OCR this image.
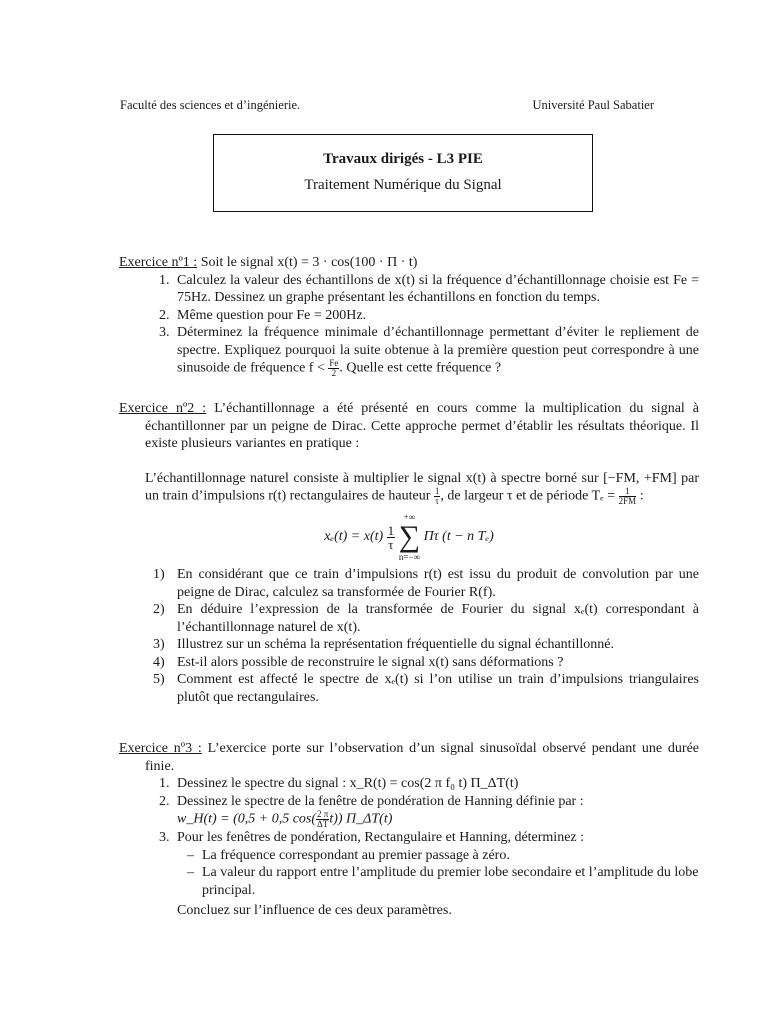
Faculté des sciences et d’ingénierie.	Université Paul Sabatier
Travaux dirigés - L3 PIE
Traitement Numérique du Signal
Exercice nº1 : Soit le signal x(t) = 3 · cos(100 · Π · t)
1. Calculez la valeur des échantillons de x(t) si la fréquence d’échantillonnage choisie est Fe = 75Hz. Dessinez un graphe présentant les échantillons en fonction du temps.
2. Même question pour Fe = 200Hz.
3. Déterminez la fréquence minimale d’échantillonnage permettant d’éviter le repliement de spectre. Expliquez pourquoi la suite obtenue à la première question peut correspondre à une sinusoide de fréquence $f < \frac{Fe}{2}$ . Quelle est cette fréquence ?
Exercice nº2 : L’échantillonnage a été présenté en cours comme la multiplication du signal à échantillonner par un peigne de Dirac. Cette approche permet d’établir les résultats théorique. Il existe plusieurs variantes en pratique :
L’échantillonnage naturel consiste à multiplier le signal x(t) à spectre borné sur [−FM, +FM] par un train d’impulsions r(t) rectangulaires de hauteur $\frac{1}{\tau}$ , de largeur τ et de période $T_e = \frac{1}{2FM}$ :
$x_e(t) = x(t) \frac{1}{\tau}$

+∞
∑
n=−∞
Πτ (t − n Tₑ)
1) En considérant que ce train d’impulsions r(t) est issu du produit de convolution par une peigne de Dirac, calculez sa transformée de Fourier R(f).
2) En déduire l’expression de la transformée de Fourier du signal xₑ(t) correspondant à l’échantillonnage naturel de x(t).
3) Illustrez sur un schéma la représentation fréquentielle du signal échantillonné.
4) Est-il alors possible de reconstruire le signal x(t) sans déformations ?
5) Comment est affecté le spectre de xₑ(t) si l’on utilise un train d’impulsions triangulaires plutôt que rectangulaires.
Exercice nº3 : L’exercice porte sur l’observation d’un signal sinusoïdal observé pendant une durée finie.
1. Dessinez le spectre du signal : x_R(t) = cos(2 π f₀ t) Π_ΔT(t)
2. Dessinez le spectre de la fenêtre de pondération de Hanning définie par :
w_H(t) = (0,5 + 0,5 $\cos( \frac{2 \pi}{\Delta T} t)$) Π_ΔT(t)
3. Pour les fenêtres de pondération, Rectangulaire et Hanning, déterminez :
– La fréquence correspondant au premier passage à zéro.
– La valeur du rapport entre l’amplitude du premier lobe secondaire et l’amplitude du lobe principal.
Concluez sur l’influence de ces deux paramètres.
